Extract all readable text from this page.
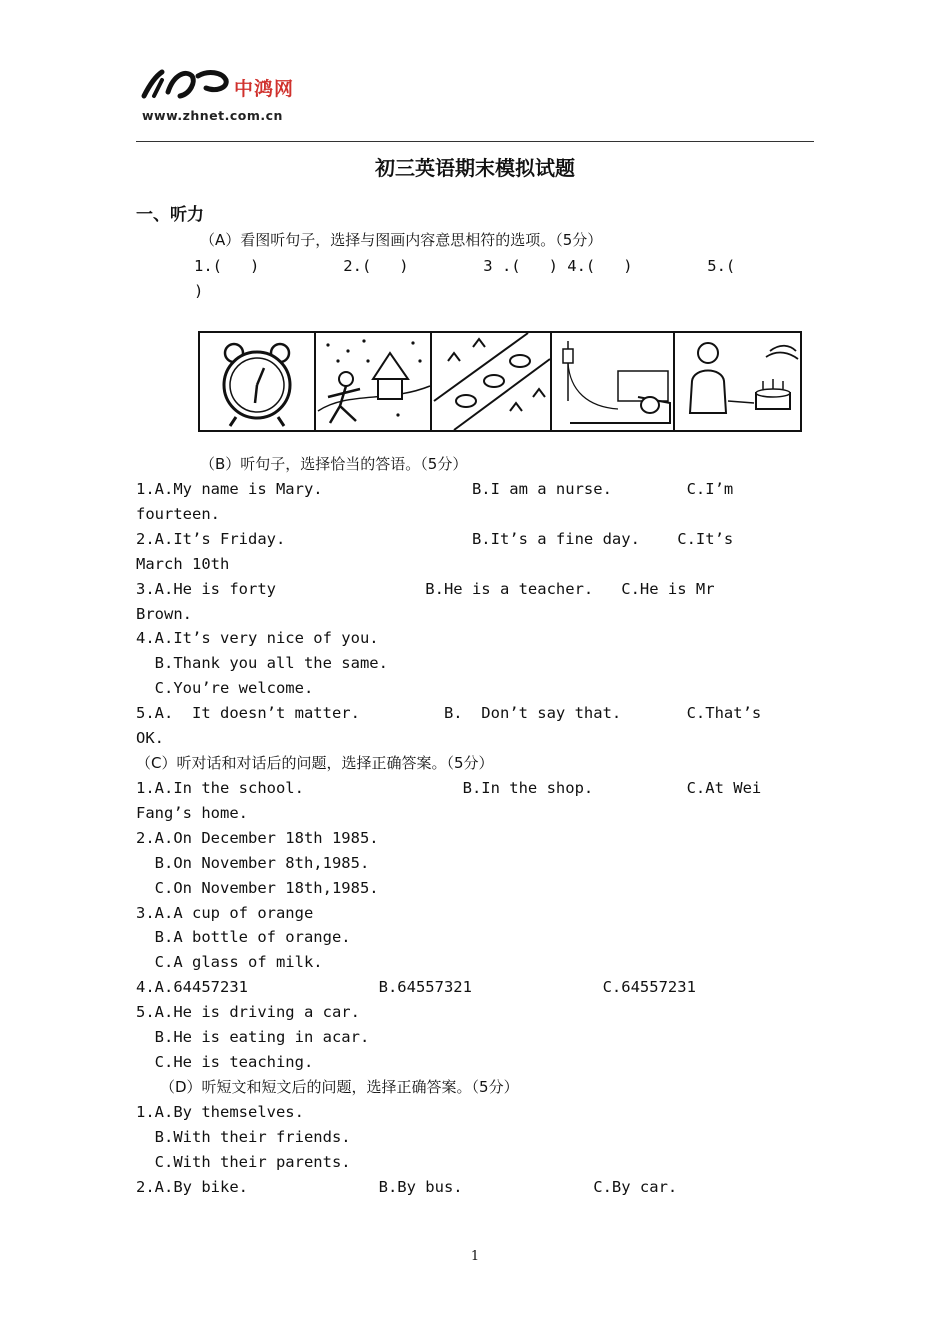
中鸿网
www.zhnet.com.cn
初三英语期末模拟试题
一、听力
（A）看图听句子，选择与图画内容意思相符的选项。（5分）
1.(   )         2.(   )        3 .(   ) 4.(   )        5.(
)
（B）听句子，选择恰当的答语。（5分）
1.A.My name is Mary.                B.I am a nurse.        C.I’m
fourteen.
2.A.It’s Friday.                    B.It’s a fine day.    C.It’s
March 10th
3.A.He is forty                B.He is a teacher.   C.He is Mr
Brown.
4.A.It’s very nice of you.
B.Thank you all the same.
C.You’re welcome.
5.A.  It doesn’t matter.         B.  Don’t say that.       C.That’s
OK.
（C）听对话和对话后的问题，选择正确答案。（5分）
1.A.In the school.                 B.In the shop.          C.At Wei
Fang’s home.
2.A.On December 18th 1985.
B.On November 8th,1985.
C.On November 18th,1985.
3.A.A cup of orange
B.A bottle of orange.
C.A glass of milk.
4.A.64457231              B.64557321              C.64557231
5.A.He is driving a car.
B.He is eating in acar.
C.He is teaching.
（D）听短文和短文后的问题，选择正确答案。（5分）
1.A.By themselves.
B.With their friends.
C.With their parents.
2.A.By bike.              B.By bus.              C.By car.
1
